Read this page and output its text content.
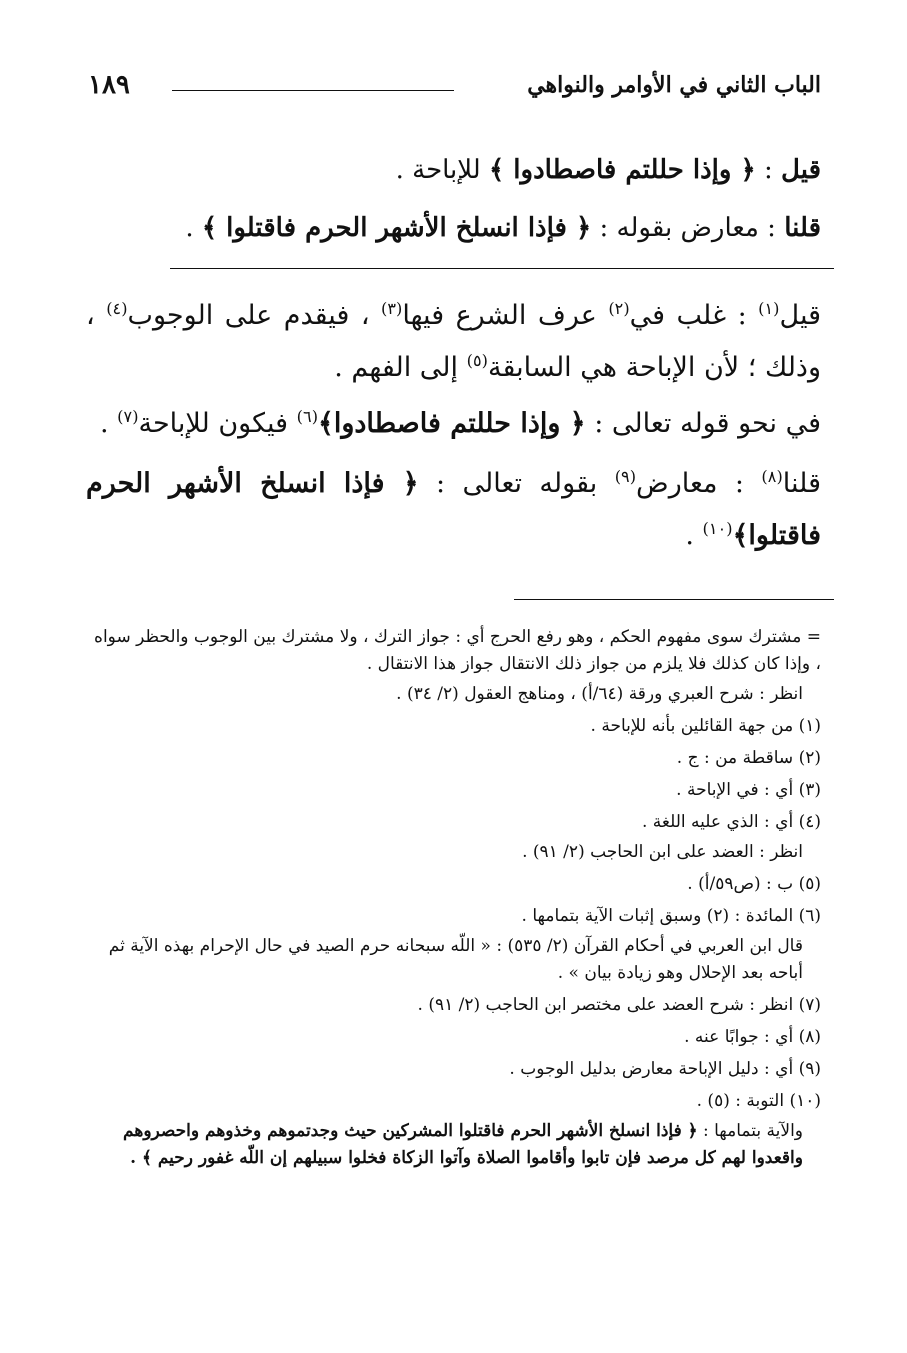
١٨٩	الباب الثاني في الأوامر والنواهي
قيل : ﴿ وإذا حللتم فاصطادوا ﴾ للإباحة .
قلنا : معارض بقوله : ﴿ فإذا انسلخ الأشهر الحرم فاقتلوا ﴾ .
قيل$^{(١)}$ : غلب في$^{(٢)}$ عرف الشرع فيها$^{(٣)}$ ، فيقدم على الوجوب$^{(٤)}$ ، وذلك ؛ لأن الإباحة هي السابقة$^{(٥)}$ إلى الفهم .
في نحو قوله تعالى : ﴿ وإذا حللتم فاصطادوا﴾$^{(٦)}$ فيكون للإباحة$^{(٧)}$ .
قلنا$^{(٨)}$ : معارض$^{(٩)}$ بقوله تعالى : ﴿ فإذا انسلخ الأشهر الحرم فاقتلوا﴾$^{(١٠)}$ .

= مشترك سوى مفهوم الحكم ، وهو رفع الحرج أي : جواز الترك ، ولا مشترك بين الوجوب والحظر سواه ، وإذا كان كذلك فلا يلزم من جواز ذلك الانتقال جواز هذا الانتقال .

انظر : شرح العبري ورقة (٦٤/أ) ، ومناهج العقول (٢/ ٣٤) .

(١) من جهة القائلين بأنه للإباحة .

(٢) ساقطة من : ج .

(٣) أي : في الإباحة .

(٤) أي : الذي عليه اللغة .

انظر : العضد على ابن الحاجب (٢/ ٩١) .

(٥) ب : (ص٥٩/أ) .

(٦) المائدة : (٢) وسبق إثبات الآية بتمامها .

قال ابن العربي في أحكام القرآن (٢/ ٥٣٥) : « اللّه سبحانه حرم الصيد في حال الإحرام بهذه الآية ثم أباحه بعد الإحلال وهو زيادة بيان » .

(٧) انظر : شرح العضد على مختصر ابن الحاجب (٢/ ٩١) .

(٨) أي : جوابًا عنه .

(٩) أي : دليل الإباحة معارض بدليل الوجوب .

(١٠) التوبة : (٥) .

والآية بتمامها : ﴿ فإذا انسلخ الأشهر الحرم فاقتلوا المشركين حيث وجدتموهم وخذوهم واحصروهم واقعدوا لهم كل مرصد فإن تابوا وأقاموا الصلاة وآتوا الزكاة فخلوا سبيلهم إن اللّه غفور رحيم ﴾ .
